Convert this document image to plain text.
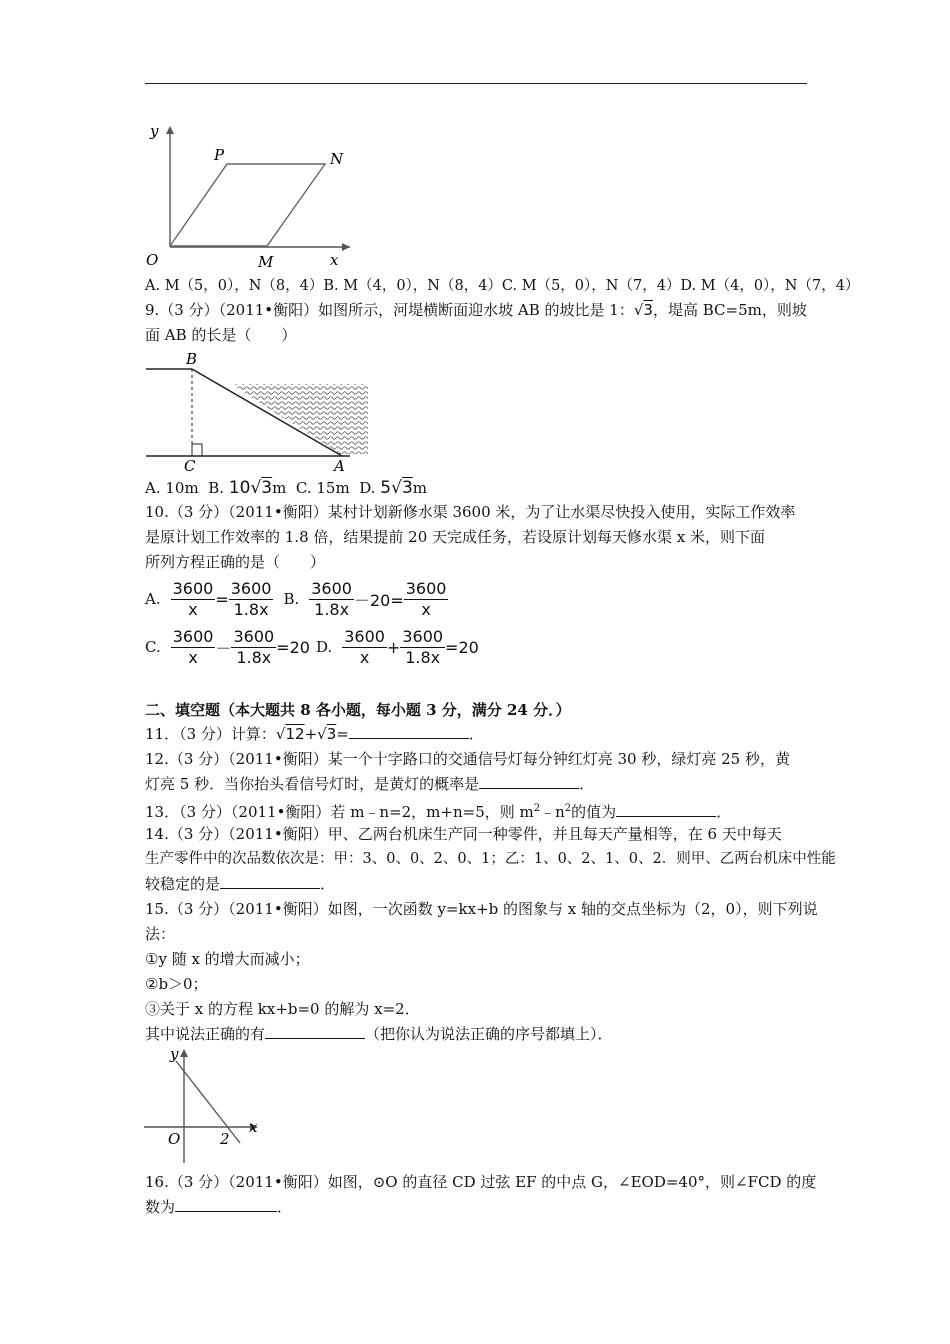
y
x
O
P	N
M
A. M（5，0），N（8，4）B. M（4，0），N（8，4）C. M（5，0），N（7，4）D. M（4，0），N（7，4）
9.（3 分）（2011•衡阳）如图所示，河堤横断面迎水坡 AB 的坡比是 1：√3，堤高 BC=5m，则坡
面 AB 的长是（　　）
B
C	A
A. 10m B. 10√3m C. 15m D. 5√3m
10.（3 分）（2011•衡阳）某村计划新修水渠 3600 米，为了让水渠尽快投入使用，实际工作效率
是原计划工作效率的 1.8 倍，结果提前 20 天完成任务，若设原计划每天修水渠 x 米，则下面
所列方程正确的是（　　）
A. $\frac{3600}{x} = \frac{3600}{1.8x} B$. $\frac{3600}{1.8x} -20= \frac{3600}{x}$
C. $\frac{3600}{x} - \frac{3600}{1.8x} =20$ D. $\frac{3600}{x} + \frac{3600}{1.8x} =20$
二、填空题（本大题共 8 各小题，每小题 3 分，满分 24 分．）
11．（3 分）计算：√12+√3=	．
12.（3 分）（2011•衡阳）某一个十字路口的交通信号灯每分钟红灯亮 30 秒，绿灯亮 25 秒，黄
灯亮 5 秒．当你抬头看信号灯时，是黄灯的概率是	．
13．（3 分）（2011•衡阳）若 m﹣n=2，m+n=5，则 $m^2﹣n^2$的值为	．
14.（3 分）（2011•衡阳）甲、乙两台机床生产同一种零件，并且每天产量相等，在 6 天中每天
生产零件中的次品数依次是：甲：3、0、0、2、0、1；乙：1、0、2、1、0、2．则甲、乙两台机床中性能
较稳定的是	．
15.（3 分）（2011•衡阳）如图，一次函数 y=kx+b 的图象与 x 轴的交点坐标为（2，0），则下列说
法：
①y 随 x 的增大而减小；
②b＞0；
③关于 x 的方程 kx+b=0 的解为 x=2．
其中说法正确的有	（把你认为说法正确的序号都填上）．
y
x
O	2
16.（3 分）（2011•衡阳）如图，⊙O 的直径 CD 过弦 EF 的中点 G，∠EOD=40°，则∠FCD 的度
数为	．
